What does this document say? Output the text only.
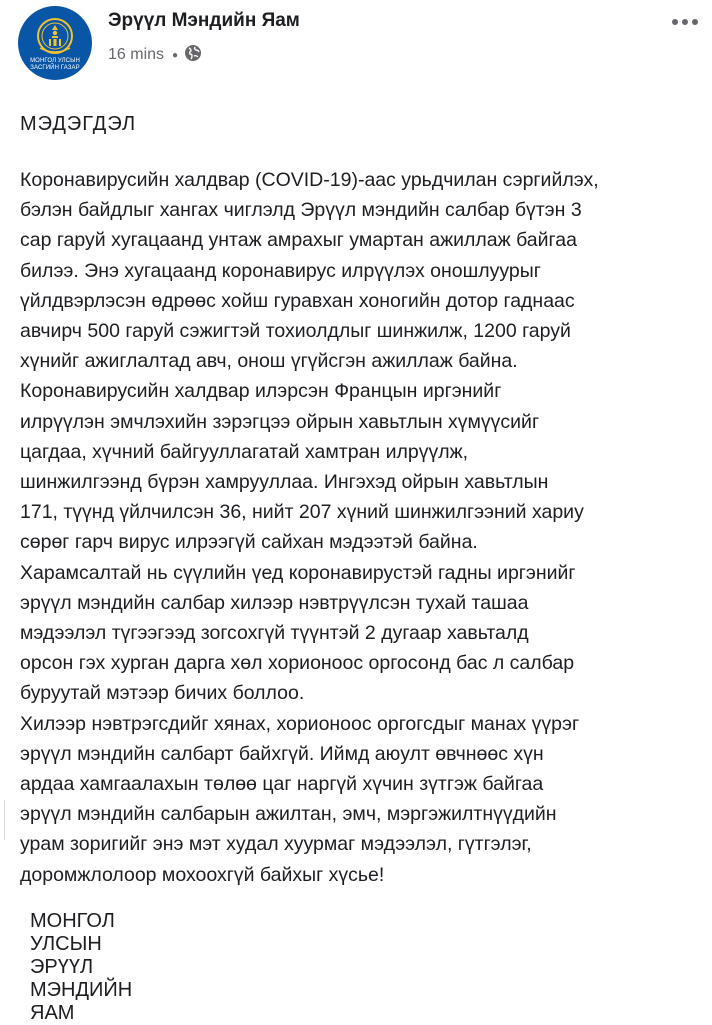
МОНГОЛ УЛСЫН
ЗАСГИЙН ГАЗАР
Эрүүл Мэндийн Яам
16 mins ●
МЭДЭГДЭЛ
Коронавирусийн халдвар (COVID-19)-аас урьдчилан сэргийлэх,
бэлэн байдлыг хангах чиглэлд Эрүүл мэндийн салбар бүтэн 3
сар гаруй хугацаанд унтаж амрахыг умартан ажиллаж байгаа
билээ. Энэ хугацаанд коронавирус илрүүлэх оношлуурыг
үйлдвэрлэсэн өдрөөс хойш гуравхан хоногийн дотор гаднаас
авчирч 500 гаруй сэжигтэй тохиолдлыг шинжилж, 1200 гаруй
хүнийг ажиглалтад авч, онош үгүйсгэн ажиллаж байна.
Коронавирусийн халдвар илэрсэн Францын иргэнийг
илрүүлэн эмчлэхийн зэрэгцээ ойрын хавьтлын хүмүүсийг
цагдаа, хүчний байгууллагатай хамтран илрүүлж,
шинжилгээнд бүрэн хамрууллаа. Ингэхэд ойрын хавьтлын
171, түүнд үйлчилсэн 36, нийт 207 хүний шинжилгээний хариу
сөрөг гарч вирус илрээгүй сайхан мэдээтэй байна.
Харамсалтай нь сүүлийн үед коронавирустэй гадны иргэнийг
эрүүл мэндийн салбар хилээр нэвтрүүлсэн тухай ташаа
мэдээлэл түгээгээд зогсохгүй түүнтэй 2 дугаар хавьталд
орсон гэх хурган дарга хөл хорионоос оргосонд бас л салбар
буруутай мэтээр бичих боллоо.
Хилээр нэвтрэгсдийг хянах, хорионоос оргогсдыг манах үүрэг
эрүүл мэндийн салбарт байхгүй. Иймд аюулт өвчнөөс хүн
ардаа хамгаалахын төлөө цаг наргүй хүчин зүтгэж байгаа
эрүүл мэндийн салбарын ажилтан, эмч, мэргэжилтнүүдийн
урам зоригийг энэ мэт худал хуурмаг мэдээлэл, гүтгэлэг,
МОНГОЛ УЛСЫН ЭРҮҮЛ МЭНДИЙН ЯАМ
доромжлолоор мохоохгүй байхыг хүсье!
